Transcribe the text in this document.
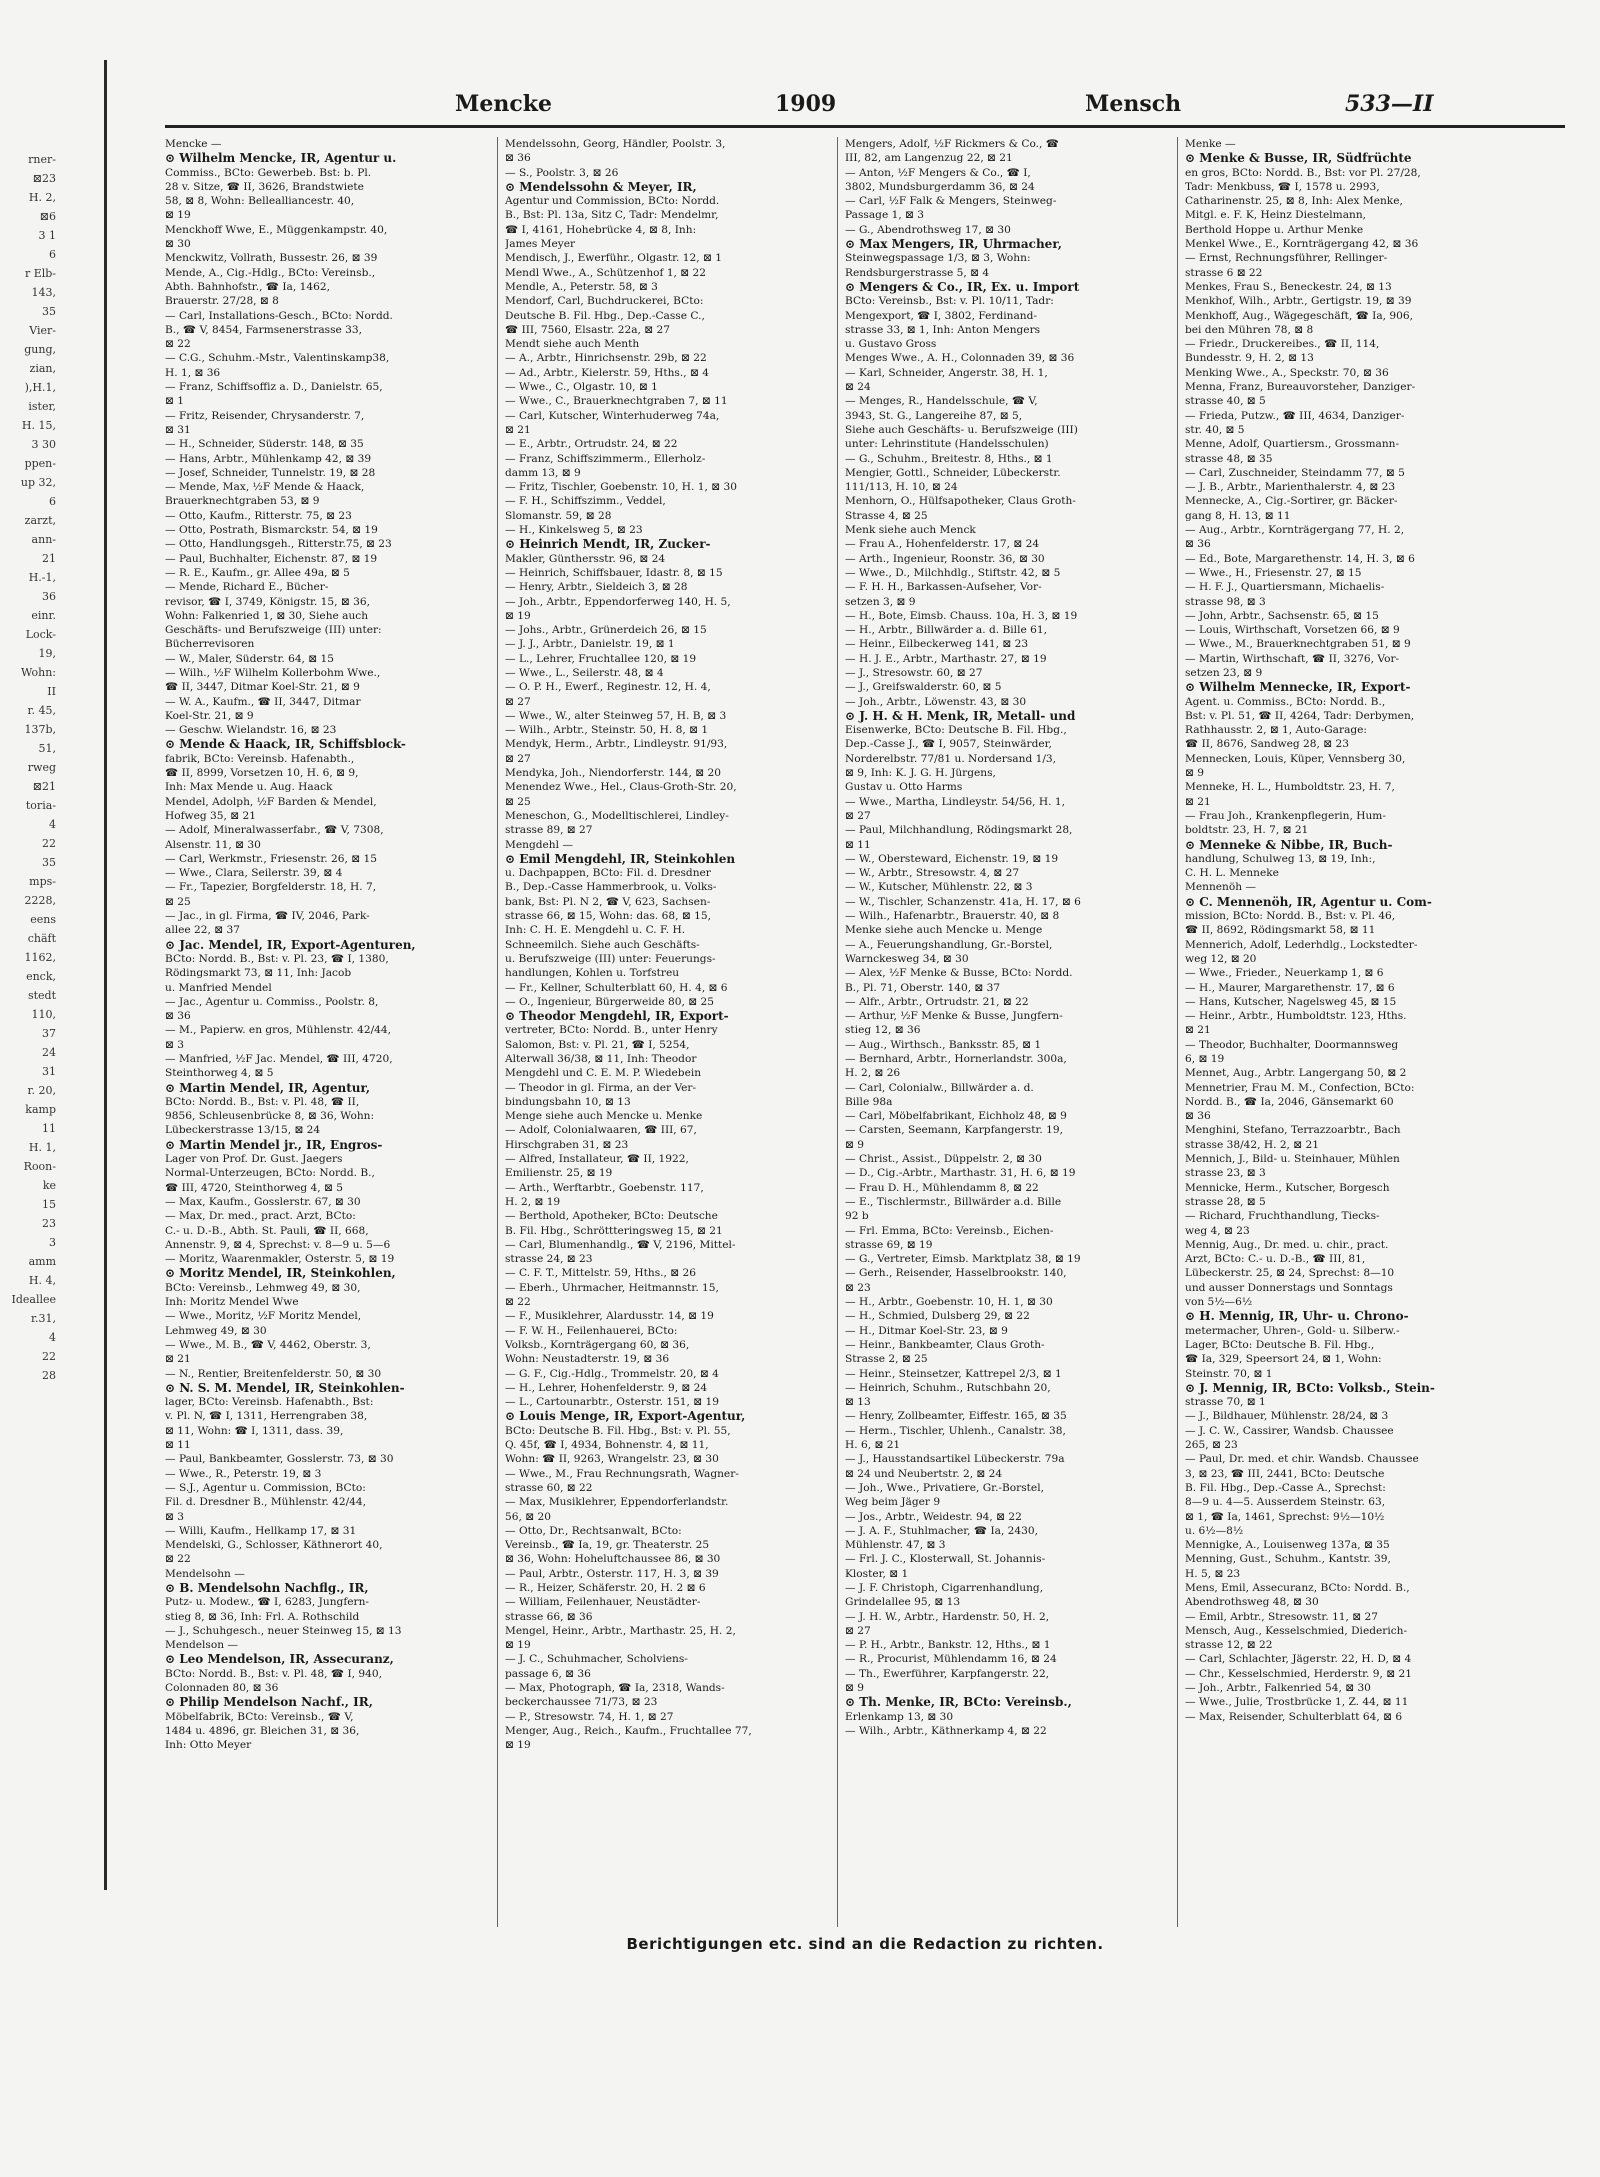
rner-
⊠23
H. 2,
⊠6
3 1
6
r Elb-
143,
35
Vier-
gung,
zian,
),H.1,
ister,
H. 15,
3 30
ppen-
up 32,
6
zarzt,
ann-
21
H.-1,
36
einr.
Lock-
19,
Wohn:
II
r. 45,
137b,
51,
rweg
⊠21
toria-
4
22
35
mps-
2228,
eens
chäft
1162,
enck,
stedt
110,
37
24
31
r. 20,
kamp
11
H. 1,
Roon-
ke
15
23
3
amm
H. 4,
Ideallee
r.31,
4
22
28
Mencke	1909	Mensch	533—II
Mencke —
⊙ Wilhelm Mencke, IR, Agentur u.
Commiss., BCto: Gewerbeb. Bst: b. Pl.
28 v. Sitze, ☎ II, 3626, Brandstwiete
58, ⊠ 8, Wohn: Bellealliancestr. 40,
⊠ 19
Menckhoff Wwe, E., Müggenkampstr. 40,
⊠ 30
Menckwitz, Vollrath, Bussestr. 26, ⊠ 39
Mende, A., Cig.-Hdlg., BCto: Vereinsb.,
Abth. Bahnhofstr., ☎ Ia, 1462,
Brauerstr. 27/28, ⊠ 8
— Carl, Installations-Gesch., BCto: Nordd.
B., ☎ V, 8454, Farmsenerstrasse 33,
⊠ 22
— C.G., Schuhm.-Mstr., Valentinskamp38,
H. 1, ⊠ 36
— Franz, Schiffsoffiz a. D., Danielstr. 65,
⊠ 1
— Fritz, Reisender, Chrysanderstr. 7,
⊠ 31
— H., Schneider, Süderstr. 148, ⊠ 35
— Hans, Arbtr., Mühlenkamp 42, ⊠ 39
— Josef, Schneider, Tunnelstr. 19, ⊠ 28
— Mende, Max, ½F Mende & Haack,
Brauerknechtgraben 53, ⊠ 9
— Otto, Kaufm., Ritterstr. 75, ⊠ 23
— Otto, Postrath, Bismarckstr. 54, ⊠ 19
— Otto, Handlungsgeh., Ritterstr.75, ⊠ 23
— Paul, Buchhalter, Eichenstr. 87, ⊠ 19
— R. E., Kaufm., gr. Allee 49a, ⊠ 5
— Mende, Richard E., Bücher-
revisor, ☎ I, 3749, Königstr. 15, ⊠ 36,
Wohn: Falkenried 1, ⊠ 30, Siehe auch
Geschäfts- und Berufszweige (III) unter:
Bücherrevisoren
— W., Maler, Süderstr. 64, ⊠ 15
— Wilh., ½F Wilhelm Kollerbohm Wwe.,
☎ II, 3447, Ditmar Koel-Str. 21, ⊠ 9
— W. A., Kaufm., ☎ II, 3447, Ditmar
Koel-Str. 21, ⊠ 9
— Geschw. Wielandstr. 16, ⊠ 23
⊙ Mende & Haack, IR, Schiffsblock-
fabrik, BCto: Vereinsb. Hafenabth.,
☎ II, 8999, Vorsetzen 10, H. 6, ⊠ 9,
Inh: Max Mende u. Aug. Haack
Mendel, Adolph, ½F Barden & Mendel,
Hofweg 35, ⊠ 21
— Adolf, Mineralwasserfabr., ☎ V, 7308,
Alsenstr. 11, ⊠ 30
— Carl, Werkmstr., Friesenstr. 26, ⊠ 15
— Wwe., Clara, Seilerstr. 39, ⊠ 4
— Fr., Tapezier, Borgfelderstr. 18, H. 7,
⊠ 25
— Jac., in gl. Firma, ☎ IV, 2046, Park-
allee 22, ⊠ 37
⊙ Jac. Mendel, IR, Export-Agenturen,
BCto: Nordd. B., Bst: v. Pl. 23, ☎ I, 1380,
Rödingsmarkt 73, ⊠ 11, Inh: Jacob
u. Manfried Mendel
— Jac., Agentur u. Commiss., Poolstr. 8,
⊠ 36
— M., Papierw. en gros, Mühlenstr. 42/44,
⊠ 3
— Manfried, ½F Jac. Mendel, ☎ III, 4720,
Steinthorweg 4, ⊠ 5
⊙ Martin Mendel, IR, Agentur,
BCto: Nordd. B., Bst: v. Pl. 48, ☎ II,
9856, Schleusenbrücke 8, ⊠ 36, Wohn:
Lübeckerstrasse 13/15, ⊠ 24
⊙ Martin Mendel jr., IR, Engros-
Lager von Prof. Dr. Gust. Jaegers
Normal-Unterzeugen, BCto: Nordd. B.,
☎ III, 4720, Steinthorweg 4, ⊠ 5
— Max, Kaufm., Gosslerstr. 67, ⊠ 30
— Max, Dr. med., pract. Arzt, BCto:
C.- u. D.-B., Abth. St. Pauli, ☎ II, 668,
Annenstr. 9, ⊠ 4, Sprechst: v. 8—9 u. 5—6
— Moritz, Waarenmakler, Osterstr. 5, ⊠ 19
⊙ Moritz Mendel, IR, Steinkohlen,
BCto: Vereinsb., Lehmweg 49, ⊠ 30,
Inh: Moritz Mendel Wwe
— Wwe., Moritz, ½F Moritz Mendel,
Lehmweg 49, ⊠ 30
— Wwe., M. B., ☎ V, 4462, Oberstr. 3,
⊠ 21
— N., Rentier, Breitenfelderstr. 50, ⊠ 30
⊙ N. S. M. Mendel, IR, Steinkohlen-
lager, BCto: Vereinsb. Hafenabth., Bst:
v. Pl. N, ☎ I, 1311, Herrengraben 38,
⊠ 11, Wohn: ☎ I, 1311, dass. 39,
⊠ 11
— Paul, Bankbeamter, Gosslerstr. 73, ⊠ 30
— Wwe., R., Peterstr. 19, ⊠ 3
— S.J., Agentur u. Commission, BCto:
Fil. d. Dresdner B., Mühlenstr. 42/44,
⊠ 3
— Willi, Kaufm., Hellkamp 17, ⊠ 31
Mendelski, G., Schlosser, Käthnerort 40,
⊠ 22
Mendelsohn —
⊙ B. Mendelsohn Nachflg., IR,
Putz- u. Modew., ☎ I, 6283, Jungfern-
stieg 8, ⊠ 36, Inh: Frl. A. Rothschild
— J., Schuhgesch., neuer Steinweg 15, ⊠ 13
Mendelson —
⊙ Leo Mendelson, IR, Assecuranz,
BCto: Nordd. B., Bst: v. Pl. 48, ☎ I, 940,
Colonnaden 80, ⊠ 36
⊙ Philip Mendelson Nachf., IR,
Möbelfabrik, BCto: Vereinsb., ☎ V,
1484 u. 4896, gr. Bleichen 31, ⊠ 36,
Inh: Otto Meyer
Mendelssohn, Georg, Händler, Poolstr. 3,
⊠ 36
— S., Poolstr. 3, ⊠ 26
⊙ Mendelssohn & Meyer, IR,
Agentur und Commission, BCto: Nordd.
B., Bst: Pl. 13a, Sitz C, Tadr: Mendelmr,
☎ I, 4161, Hohebrücke 4, ⊠ 8, Inh:
James Meyer
Mendisch, J., Ewerführ., Olgastr. 12, ⊠ 1
Mendl Wwe., A., Schützenhof 1, ⊠ 22
Mendle, A., Peterstr. 58, ⊠ 3
Mendorf, Carl, Buchdruckerei, BCto:
Deutsche B. Fil. Hbg., Dep.-Casse C.,
☎ III, 7560, Elsastr. 22a, ⊠ 27
Mendt siehe auch Menth
— A., Arbtr., Hinrichsenstr. 29b, ⊠ 22
— Ad., Arbtr., Kielerstr. 59, Hths., ⊠ 4
— Wwe., C., Olgastr. 10, ⊠ 1
— Wwe., C., Brauerknechtgraben 7, ⊠ 11
— Carl, Kutscher, Winterhuderweg 74a,
⊠ 21
— E., Arbtr., Ortrudstr. 24, ⊠ 22
— Franz, Schiffszimmerm., Ellerholz-
damm 13, ⊠ 9
— Fritz, Tischler, Goebenstr. 10, H. 1, ⊠ 30
— F. H., Schiffszimm., Veddel,
Slomanstr. 59, ⊠ 28
— H., Kinkelsweg 5, ⊠ 23
⊙ Heinrich Mendt, IR, Zucker-
Makler, Günthersstr. 96, ⊠ 24
— Heinrich, Schiffsbauer, Idastr. 8, ⊠ 15
— Henry, Arbtr., Sieldeich 3, ⊠ 28
— Joh., Arbtr., Eppendorferweg 140, H. 5,
⊠ 19
— Johs., Arbtr., Grünerdeich 26, ⊠ 15
— J. J., Arbtr., Danielstr. 19, ⊠ 1
— L., Lehrer, Fruchtallee 120, ⊠ 19
— Wwe., L., Seilerstr. 48, ⊠ 4
— O. P. H., Ewerf., Reginestr. 12, H. 4,
⊠ 27
— Wwe., W., alter Steinweg 57, H. B, ⊠ 3
— Wilh., Arbtr., Steinstr. 50, H. 8, ⊠ 1
Mendyk, Herm., Arbtr., Lindleystr. 91/93,
⊠ 27
Mendyka, Joh., Niendorferstr. 144, ⊠ 20
Menendez Wwe., Hel., Claus-Groth-Str. 20,
⊠ 25
Meneschon, G., Modelltischlerei, Lindley-
strasse 89, ⊠ 27
Mengdehl —
⊙ Emil Mengdehl, IR, Steinkohlen
u. Dachpappen, BCto: Fil. d. Dresdner
B., Dep.-Casse Hammerbrook, u. Volks-
bank, Bst: Pl. N 2, ☎ V, 623, Sachsen-
strasse 66, ⊠ 15, Wohn: das. 68, ⊠ 15,
Inh: C. H. E. Mengdehl u. C. F. H.
Schneemilch. Siehe auch Geschäfts-
u. Berufszweige (III) unter: Feuerungs-
handlungen, Kohlen u. Torfstreu
— Fr., Kellner, Schulterblatt 60, H. 4, ⊠ 6
— O., Ingenieur, Bürgerweide 80, ⊠ 25
⊙ Theodor Mengdehl, IR, Export-
vertreter, BCto: Nordd. B., unter Henry
Salomon, Bst: v. Pl. 21, ☎ I, 5254,
Alterwall 36/38, ⊠ 11, Inh: Theodor
Mengdehl und C. E. M. P. Wiedebein
— Theodor in gl. Firma, an der Ver-
bindungsbahn 10, ⊠ 13
Menge siehe auch Mencke u. Menke
— Adolf, Colonialwaaren, ☎ III, 67,
Hirschgraben 31, ⊠ 23
— Alfred, Installateur, ☎ II, 1922,
Emilienstr. 25, ⊠ 19
— Arth., Werftarbtr., Goebenstr. 117,
H. 2, ⊠ 19
— Berthold, Apotheker, BCto: Deutsche
B. Fil. Hbg., Schröttteringsweg 15, ⊠ 21
— Carl, Blumenhandlg., ☎ V, 2196, Mittel-
strasse 24, ⊠ 23
— C. F. T., Mittelstr. 59, Hths., ⊠ 26
— Eberh., Uhrmacher, Heitmannstr. 15,
⊠ 22
— F., Musiklehrer, Alardusstr. 14, ⊠ 19
— F. W. H., Feilenhauerei, BCto:
Volksb., Kornträgergang 60, ⊠ 36,
Wohn: Neustadterstr. 19, ⊠ 36
— G. F., Cig.-Hdlg., Trommelstr. 20, ⊠ 4
— H., Lehrer, Hohenfelderstr. 9, ⊠ 24
— L., Cartounarbtr., Osterstr. 151, ⊠ 19
⊙ Louis Menge, IR, Export-Agentur,
BCto: Deutsche B. Fil. Hbg., Bst: v. Pl. 55,
Q. 45f, ☎ I, 4934, Bohnenstr. 4, ⊠ 11,
Wohn: ☎ II, 9263, Wrangelstr. 23, ⊠ 30
— Wwe., M., Frau Rechnungsrath, Wagner-
strasse 60, ⊠ 22
— Max, Musiklehrer, Eppendorferlandstr.
56, ⊠ 20
— Otto, Dr., Rechtsanwalt, BCto:
Vereinsb., ☎ Ia, 19, gr. Theaterstr. 25
⊠ 36, Wohn: Hoheluftchaussee 86, ⊠ 30
— Paul, Arbtr., Osterstr. 117, H. 3, ⊠ 39
— R., Heizer, Schäferstr. 20, H. 2 ⊠ 6
— William, Feilenhauer, Neustädter-
strasse 66, ⊠ 36
Mengel, Heinr., Arbtr., Marthastr. 25, H. 2,
⊠ 19
— J. C., Schuhmacher, Scholviens-
passage 6, ⊠ 36
— Max, Photograph, ☎ Ia, 2318, Wands-
beckerchaussee 71/73, ⊠ 23
— P., Stresowstr. 74, H. 1, ⊠ 27
Menger, Aug., Reich., Kaufm., Fruchtallee 77,
⊠ 19
Mengers, Adolf, ½F Rickmers & Co., ☎
III, 82, am Langenzug 22, ⊠ 21
— Anton, ½F Mengers & Co., ☎ I,
3802, Mundsburgerdamm 36, ⊠ 24
— Carl, ½F Falk & Mengers, Steinweg-
Passage 1, ⊠ 3
— G., Abendrothsweg 17, ⊠ 30
⊙ Max Mengers, IR, Uhrmacher,
Steinwegspassage 1/3, ⊠ 3, Wohn:
Rendsburgerstrasse 5, ⊠ 4
⊙ Mengers & Co., IR, Ex. u. Import
BCto: Vereinsb., Bst: v. Pl. 10/11, Tadr:
Mengexport, ☎ I, 3802, Ferdinand-
strasse 33, ⊠ 1, Inh: Anton Mengers
u. Gustavo Gross
Menges Wwe., A. H., Colonnaden 39, ⊠ 36
— Karl, Schneider, Angerstr. 38, H. 1,
⊠ 24
— Menges, R., Handelsschule, ☎ V,
3943, St. G., Langereihe 87, ⊠ 5,
Siehe auch Geschäfts- u. Berufszweige (III)
unter: Lehrinstitute (Handelsschulen)
— G., Schuhm., Breitestr. 8, Hths., ⊠ 1
Mengier, Gottl., Schneider, Lübeckerstr.
111/113, H. 10, ⊠ 24
Menhorn, O., Hülfsapotheker, Claus Groth-
Strasse 4, ⊠ 25
Menk siehe auch Menck
— Frau A., Hohenfelderstr. 17, ⊠ 24
— Arth., Ingenieur, Roonstr. 36, ⊠ 30
— Wwe., D., Milchhdlg., Stiftstr. 42, ⊠ 5
— F. H. H., Barkassen-Aufseher, Vor-
setzen 3, ⊠ 9
— H., Bote, Eimsb. Chauss. 10a, H. 3, ⊠ 19
— H., Arbtr., Billwärder a. d. Bille 61,
— Heinr., Eilbeckerweg 141, ⊠ 23
— H. J. E., Arbtr., Marthastr. 27, ⊠ 19
— J., Stresowstr. 60, ⊠ 27
— J., Greifswalderstr. 60, ⊠ 5
— Joh., Arbtr., Löwenstr. 43, ⊠ 30
⊙ J. H. & H. Menk, IR, Metall- und
Eisenwerke, BCto: Deutsche B. Fil. Hbg.,
Dep.-Casse J., ☎ I, 9057, Steinwärder,
Norderelbstr. 77/81 u. Nordersand 1/3,
⊠ 9, Inh: K. J. G. H. Jürgens,
Gustav u. Otto Harms
— Wwe., Martha, Lindleystr. 54/56, H. 1,
⊠ 27
— Paul, Milchhandlung, Rödingsmarkt 28,
⊠ 11
— W., Obersteward, Eichenstr. 19, ⊠ 19
— W., Arbtr., Stresowstr. 4, ⊠ 27
— W., Kutscher, Mühlenstr. 22, ⊠ 3
— W., Tischler, Schanzenstr. 41a, H. 17, ⊠ 6
— Wilh., Hafenarbtr., Brauerstr. 40, ⊠ 8
Menke siehe auch Mencke u. Menge
— A., Feuerungshandlung, Gr.-Borstel,
Warnckesweg 34, ⊠ 30
— Alex, ½F Menke & Busse, BCto: Nordd.
B., Pl. 71, Oberstr. 140, ⊠ 37
— Alfr., Arbtr., Ortrudstr. 21, ⊠ 22
— Arthur, ½F Menke & Busse, Jungfern-
stieg 12, ⊠ 36
— Aug., Wirthsch., Banksstr. 85, ⊠ 1
— Bernhard, Arbtr., Hornerlandstr. 300a,
H. 2, ⊠ 26
— Carl, Colonialw., Billwärder a. d.
Bille 98a
— Carl, Möbelfabrikant, Eichholz 48, ⊠ 9
— Carsten, Seemann, Karpfangerstr. 19,
⊠ 9
— Christ., Assist., Düppelstr. 2, ⊠ 30
— D., Cig.-Arbtr., Marthastr. 31, H. 6, ⊠ 19
— Frau D. H., Mühlendamm 8, ⊠ 22
— E., Tischlermstr., Billwärder a.d. Bille
92 b
— Frl. Emma, BCto: Vereinsb., Eichen-
strasse 69, ⊠ 19
— G., Vertreter, Eimsb. Marktplatz 38, ⊠ 19
— Gerh., Reisender, Hasselbrookstr. 140,
⊠ 23
— H., Arbtr., Goebenstr. 10, H. 1, ⊠ 30
— H., Schmied, Dulsberg 29, ⊠ 22
— H., Ditmar Koel-Str. 23, ⊠ 9
— Heinr., Bankbeamter, Claus Groth-
Strasse 2, ⊠ 25
— Heinr., Steinsetzer, Kattrepel 2/3, ⊠ 1
— Heinrich, Schuhm., Rutschbahn 20,
⊠ 13
— Henry, Zollbeamter, Eiffestr. 165, ⊠ 35
— Herm., Tischler, Uhlenh., Canalstr. 38,
H. 6, ⊠ 21
— J., Hausstandsartikel Lübeckerstr. 79a
⊠ 24 und Neubertstr. 2, ⊠ 24
— Joh., Wwe., Privatiere, Gr.-Borstel,
Weg beim Jäger 9
— Jos., Arbtr., Weidestr. 94, ⊠ 22
— J. A. F., Stuhlmacher, ☎ Ia, 2430,
Mühlenstr. 47, ⊠ 3
— Frl. J. C., Klosterwall, St. Johannis-
Kloster, ⊠ 1
— J. F. Christoph, Cigarrenhandlung,
Grindelallee 95, ⊠ 13
— J. H. W., Arbtr., Hardenstr. 50, H. 2,
⊠ 27
— P. H., Arbtr., Bankstr. 12, Hths., ⊠ 1
— R., Procurist, Mühlendamm 16, ⊠ 24
— Th., Ewerführer, Karpfangerstr. 22,
⊠ 9
⊙ Th. Menke, IR, BCto: Vereinsb.,
Erlenkamp 13, ⊠ 30
— Wilh., Arbtr., Käthnerkamp 4, ⊠ 22
Menke —
⊙ Menke & Busse, IR, Südfrüchte
en gros, BCto: Nordd. B., Bst: vor Pl. 27/28,
Tadr: Menkbuss, ☎ I, 1578 u. 2993,
Catharinenstr. 25, ⊠ 8, Inh: Alex Menke,
Mitgl. e. F. K, Heinz Diestelmann,
Berthold Hoppe u. Arthur Menke
Menkel Wwe., E., Kornträgergang 42, ⊠ 36
— Ernst, Rechnungsführer, Rellinger-
strasse 6 ⊠ 22
Menkes, Frau S., Beneckestr. 24, ⊠ 13
Menkhof, Wilh., Arbtr., Gertigstr. 19, ⊠ 39
Menkhoff, Aug., Wägegeschäft, ☎ Ia, 906,
bei den Mühren 78, ⊠ 8
— Friedr., Druckereibes., ☎ II, 114,
Bundesstr. 9, H. 2, ⊠ 13
Menking Wwe., A., Speckstr. 70, ⊠ 36
Menna, Franz, Bureauvorsteher, Danziger-
strasse 40, ⊠ 5
— Frieda, Putzw., ☎ III, 4634, Danziger-
str. 40, ⊠ 5
Menne, Adolf, Quartiersm., Grossmann-
strasse 48, ⊠ 35
— Carl, Zuschneider, Steindamm 77, ⊠ 5
— J. B., Arbtr., Marienthalerstr. 4, ⊠ 23
Mennecke, A., Cig.-Sortirer, gr. Bäcker-
gang 8, H. 13, ⊠ 11
— Aug., Arbtr., Kornträgergang 77, H. 2,
⊠ 36
— Ed., Bote, Margarethenstr. 14, H. 3, ⊠ 6
— Wwe., H., Friesenstr. 27, ⊠ 15
— H. F. J., Quartiersmann, Michaelis-
strasse 98, ⊠ 3
— John, Arbtr., Sachsenstr. 65, ⊠ 15
— Louis, Wirthschaft, Vorsetzen 66, ⊠ 9
— Wwe., M., Brauerknechtgraben 51, ⊠ 9
— Martin, Wirthschaft, ☎ II, 3276, Vor-
setzen 23, ⊠ 9
⊙ Wilhelm Mennecke, IR, Export-
Agent. u. Commiss., BCto: Nordd. B.,
Bst: v. Pl. 51, ☎ II, 4264, Tadr: Derbymen,
Rathhausstr. 2, ⊠ 1, Auto-Garage:
☎ II, 8676, Sandweg 28, ⊠ 23
Mennecken, Louis, Küper, Vennsberg 30,
⊠ 9
Menneke, H. L., Humboldtstr. 23, H. 7,
⊠ 21
— Frau Joh., Krankenpflegerin, Hum-
boldtstr. 23, H. 7, ⊠ 21
⊙ Menneke & Nibbe, IR, Buch-
handlung, Schulweg 13, ⊠ 19, Inh:,
C. H. L. Menneke
Mennenöh —
⊙ C. Mennenöh, IR, Agentur u. Com-
mission, BCto: Nordd. B., Bst: v. Pl. 46,
☎ II, 8692, Rödingsmarkt 58, ⊠ 11
Mennerich, Adolf, Lederhdlg., Lockstedter-
weg 12, ⊠ 20
— Wwe., Frieder., Neuerkamp 1, ⊠ 6
— H., Maurer, Margarethenstr. 17, ⊠ 6
— Hans, Kutscher, Nagelsweg 45, ⊠ 15
— Heinr., Arbtr., Humboldtstr. 123, Hths.
⊠ 21
— Theodor, Buchhalter, Doormannsweg
6, ⊠ 19
Mennet, Aug., Arbtr. Langergang 50, ⊠ 2
Mennetrier, Frau M. M., Confection, BCto:
Nordd. B., ☎ Ia, 2046, Gänsemarkt 60
⊠ 36
Menghini, Stefano, Terrazzoarbtr., Bach
strasse 38/42, H. 2, ⊠ 21
Mennich, J., Bild- u. Steinhauer, Mühlen
strasse 23, ⊠ 3
Mennicke, Herm., Kutscher, Borgesch
strasse 28, ⊠ 5
— Richard, Fruchthandlung, Tiecks-
weg 4, ⊠ 23
Mennig, Aug., Dr. med. u. chir., pract.
Arzt, BCto: C.- u. D.-B., ☎ III, 81,
Lübeckerstr. 25, ⊠ 24, Sprechst: 8—10
und ausser Donnerstags und Sonntags
von 5½—6½
⊙ H. Mennig, IR, Uhr- u. Chrono-
metermacher, Uhren-, Gold- u. Silberw.-
Lager, BCto: Deutsche B. Fil. Hbg.,
☎ Ia, 329, Speersort 24, ⊠ 1, Wohn:
Steinstr. 70, ⊠ 1
⊙ J. Mennig, IR, BCto: Volksb., Stein-
strasse 70, ⊠ 1
— J., Bildhauer, Mühlenstr. 28/24, ⊠ 3
— J. C. W., Cassirer, Wandsb. Chaussee
265, ⊠ 23
— Paul, Dr. med. et chir. Wandsb. Chaussee
3, ⊠ 23, ☎ III, 2441, BCto: Deutsche
B. Fil. Hbg., Dep.-Casse A., Sprechst:
8—9 u. 4—5. Ausserdem Steinstr. 63,
⊠ 1, ☎ Ia, 1461, Sprechst: 9½—10½
u. 6½—8½
Mennigke, A., Louisenweg 137a, ⊠ 35
Menning, Gust., Schuhm., Kantstr. 39,
H. 5, ⊠ 23
Mens, Emil, Assecuranz, BCto: Nordd. B.,
Abendrothsweg 48, ⊠ 30
— Emil, Arbtr., Stresowstr. 11, ⊠ 27
Mensch, Aug., Kesselschmied, Diederich-
strasse 12, ⊠ 22
— Carl, Schlachter, Jägerstr. 22, H. D, ⊠ 4
— Chr., Kesselschmied, Herderstr. 9, ⊠ 21
— Joh., Arbtr., Falkenried 54, ⊠ 30
— Wwe., Julie, Trostbrücke 1, Z. 44, ⊠ 11
— Max, Reisender, Schulterblatt 64, ⊠ 6
Berichtigungen etc. sind an die Redaction zu richten.
